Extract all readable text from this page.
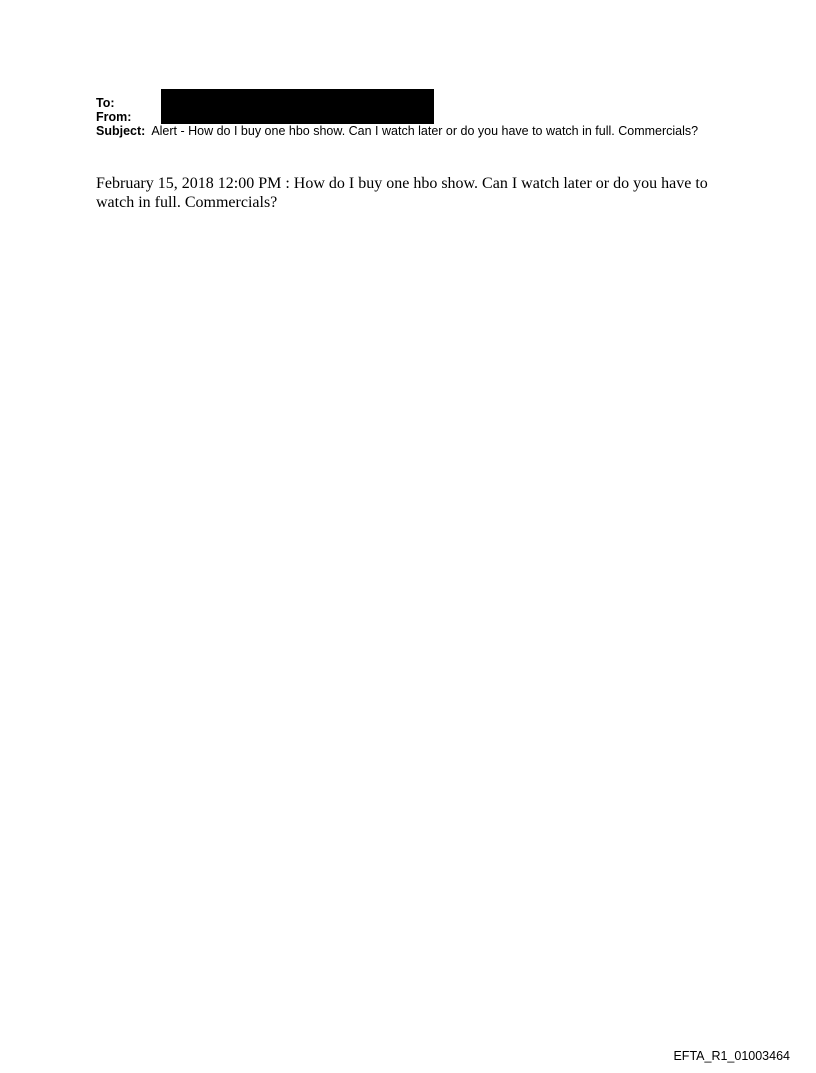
To:
From:
Subject: Alert - How do I buy one hbo show. Can I watch later or do you have to watch in full. Commercials?
February 15, 2018 12:00 PM : How do I buy one hbo show. Can I watch later or do you have to watch in full. Commercials?
EFTA_R1_01003464
